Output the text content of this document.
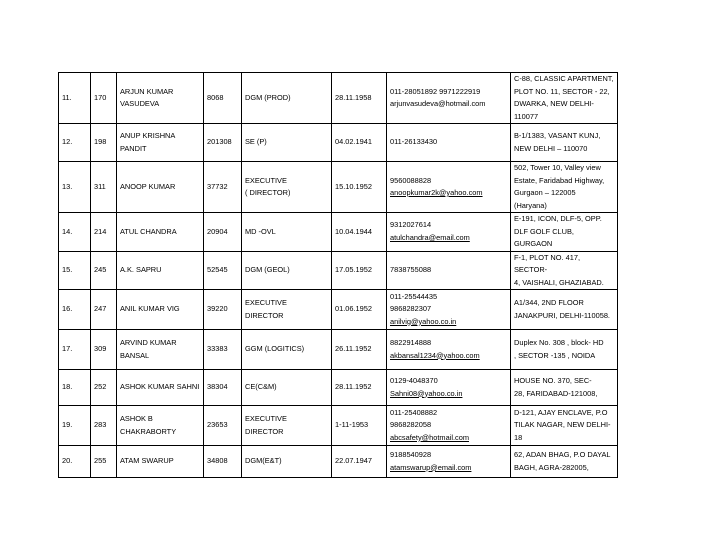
11.	170	ARJUN KUMAR
VASUDEVA	8068	DGM (PROD)	28.11.1958	011-28051892 9971222919
arjunvasudeva@hotmail.com	C-88, CLASSIC APARTMENT,
PLOT NO. 11, SECTOR - 22,
DWARKA, NEW DELHI-
110077
12.	198	ANUP KRISHNA
PANDIT	201308	SE (P)	04.02.1941	011-26133430	B-1/1383, VASANT KUNJ,
NEW DELHI – 110070
13.	311	ANOOP KUMAR	37732	EXECUTIVE
( DIRECTOR)	15.10.1952	9560088828
anoopkumar2k@yahoo.com	502, Tower 10, Valley view
Estate, Faridabad Highway,
Gurgaon – 122005
(Haryana)
14.	214	ATUL CHANDRA	20904	MD -OVL	10.04.1944	9312027614
atulchandra@email.com	E-191, ICON, DLF-5, OPP.
DLF GOLF CLUB, GURGAON
15.	245	A.K. SAPRU	52545	DGM (GEOL)	17.05.1952	7838755088	F-1, PLOT NO. 417, SECTOR-
4, VAISHALI, GHAZIABAD.
16.	247	ANIL KUMAR VIG	39220	EXECUTIVE
DIRECTOR	01.06.1952	011-25544435
9868282307
anilvig@yahoo.co.in	A1/344, 2ND FLOOR
JANAKPURI, DELHI-110058.
17.	309	ARVIND KUMAR
BANSAL	33383	GGM (LOGITICS)	26.11.1952	8822914888
akbansal1234@yahoo.com	Duplex No. 308 , block- HD
, SECTOR -135 , NOIDA
18.	252	ASHOK KUMAR SAHNI	38304	CE(C&M)	28.11.1952	0129-4048370
Sahni08@yahoo.co.in	HOUSE NO. 370, SEC-
28, FARIDABAD-121008,
19.	283	ASHOK B
CHAKRABORTY	23653	EXECUTIVE
DIRECTOR	1-11-1953	011-25408882
9868282058
abcsafety@hotmail.com	D-121, AJAY ENCLAVE, P.O
TILAK NAGAR, NEW DELHI-
18
20.	255	ATAM SWARUP	34808	DGM(E&T)	22.07.1947	9188540928
atamswarup@email.com	62, ADAN BHAG, P.O DAYAL
BAGH, AGRA-282005,
